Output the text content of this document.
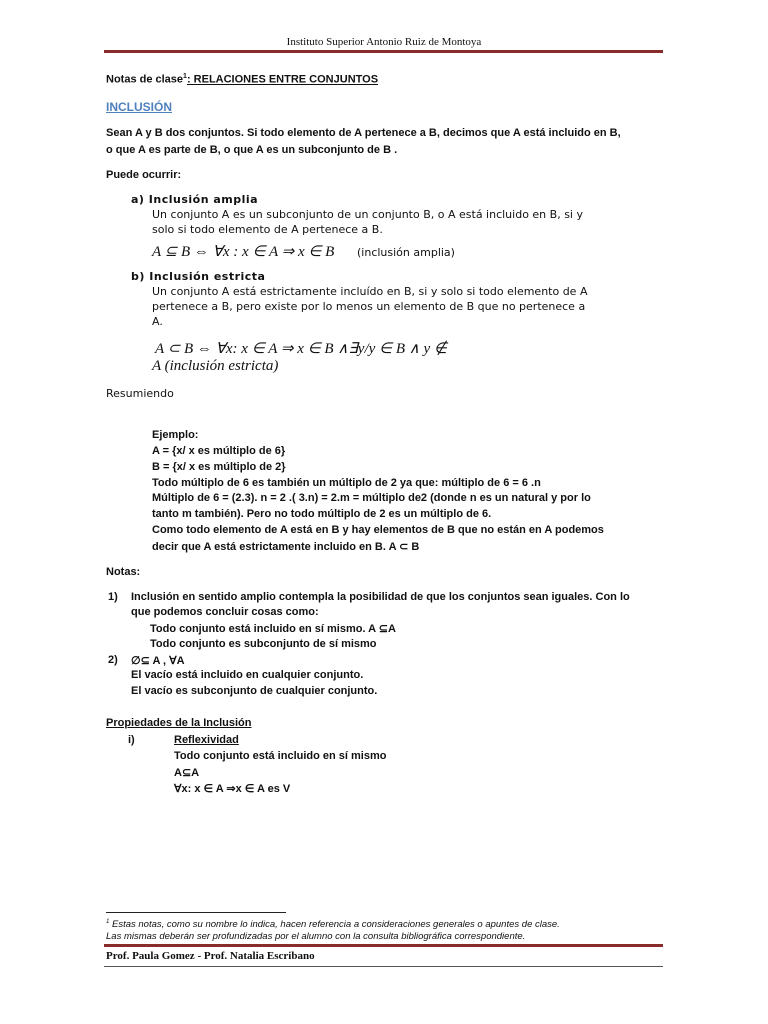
Instituto Superior Antonio Ruiz de Montoya
Notas de clase$^1$: RELACIONES ENTRE CONJUNTOS
INCLUSIÓN
Sean A y B dos conjuntos. Si todo elemento de A pertenece a B, decimos que A está incluido en B,
o que A es parte de B, o que A es un subconjunto de B .
Puede ocurrir:
a) Inclusión amplia
Un conjunto A es un subconjunto de un conjunto B, o A está incluido en B, si y
solo si todo elemento de A pertenece a B.
A ⊆ B ⇔ ∀x : x ∈ A ⇒ x ∈ B (inclusión amplia)
b) Inclusión estricta
Un conjunto A está estrictamente incluído en B, si y solo si todo elemento de A
pertenece a B, pero existe por lo menos un elemento de B que no pertenece a
A.
A ⊂ B ⇔ ∀x: x ∈ A ⇒ x ∈ B ∧∃y/y ∈ B ∧ y ∉
A (inclusión estricta)
Resumiendo
Ejemplo:
A = {x/ x es múltiplo de 6}
B = {x/ x es múltiplo de 2}
Todo múltiplo de 6 es también un múltiplo de 2 ya que: múltiplo de 6 = 6 .n
Múltiplo de 6 = (2.3). n = 2 .( 3.n) = 2.m = múltiplo de2 (donde n es un natural y por lo
tanto m también). Pero no todo múltiplo de 2 es un múltiplo de 6.
Como todo elemento de A está en B y hay elementos de B que no están en A podemos
decir que A está estrictamente incluido en B. A ⊂ B
Notas:
1) Inclusión en sentido amplio contempla la posibilidad de que los conjuntos sean iguales. Con lo
que podemos concluir cosas como:
Todo conjunto está incluido en sí mismo. A ⊆A
Todo conjunto es subconjunto de sí mismo
2) ∅⊆ A , ∀A
El vacío está incluido en cualquier conjunto.
El vacío es subconjunto de cualquier conjunto.
Propiedades de la Inclusión
i)	Reflexividad
Todo conjunto está incluido en sí mismo
A⊆A
∀x: x ∈ A ⇒x ∈ A es V
$^1$ Estas notas, como su nombre lo indica, hacen referencia a consideraciones generales o apuntes de clase.
Las mismas deberán ser profundizadas por el alumno con la consulta bibliográfica correspondiente.
Prof. Paula Gomez - Prof. Natalia Escribano
